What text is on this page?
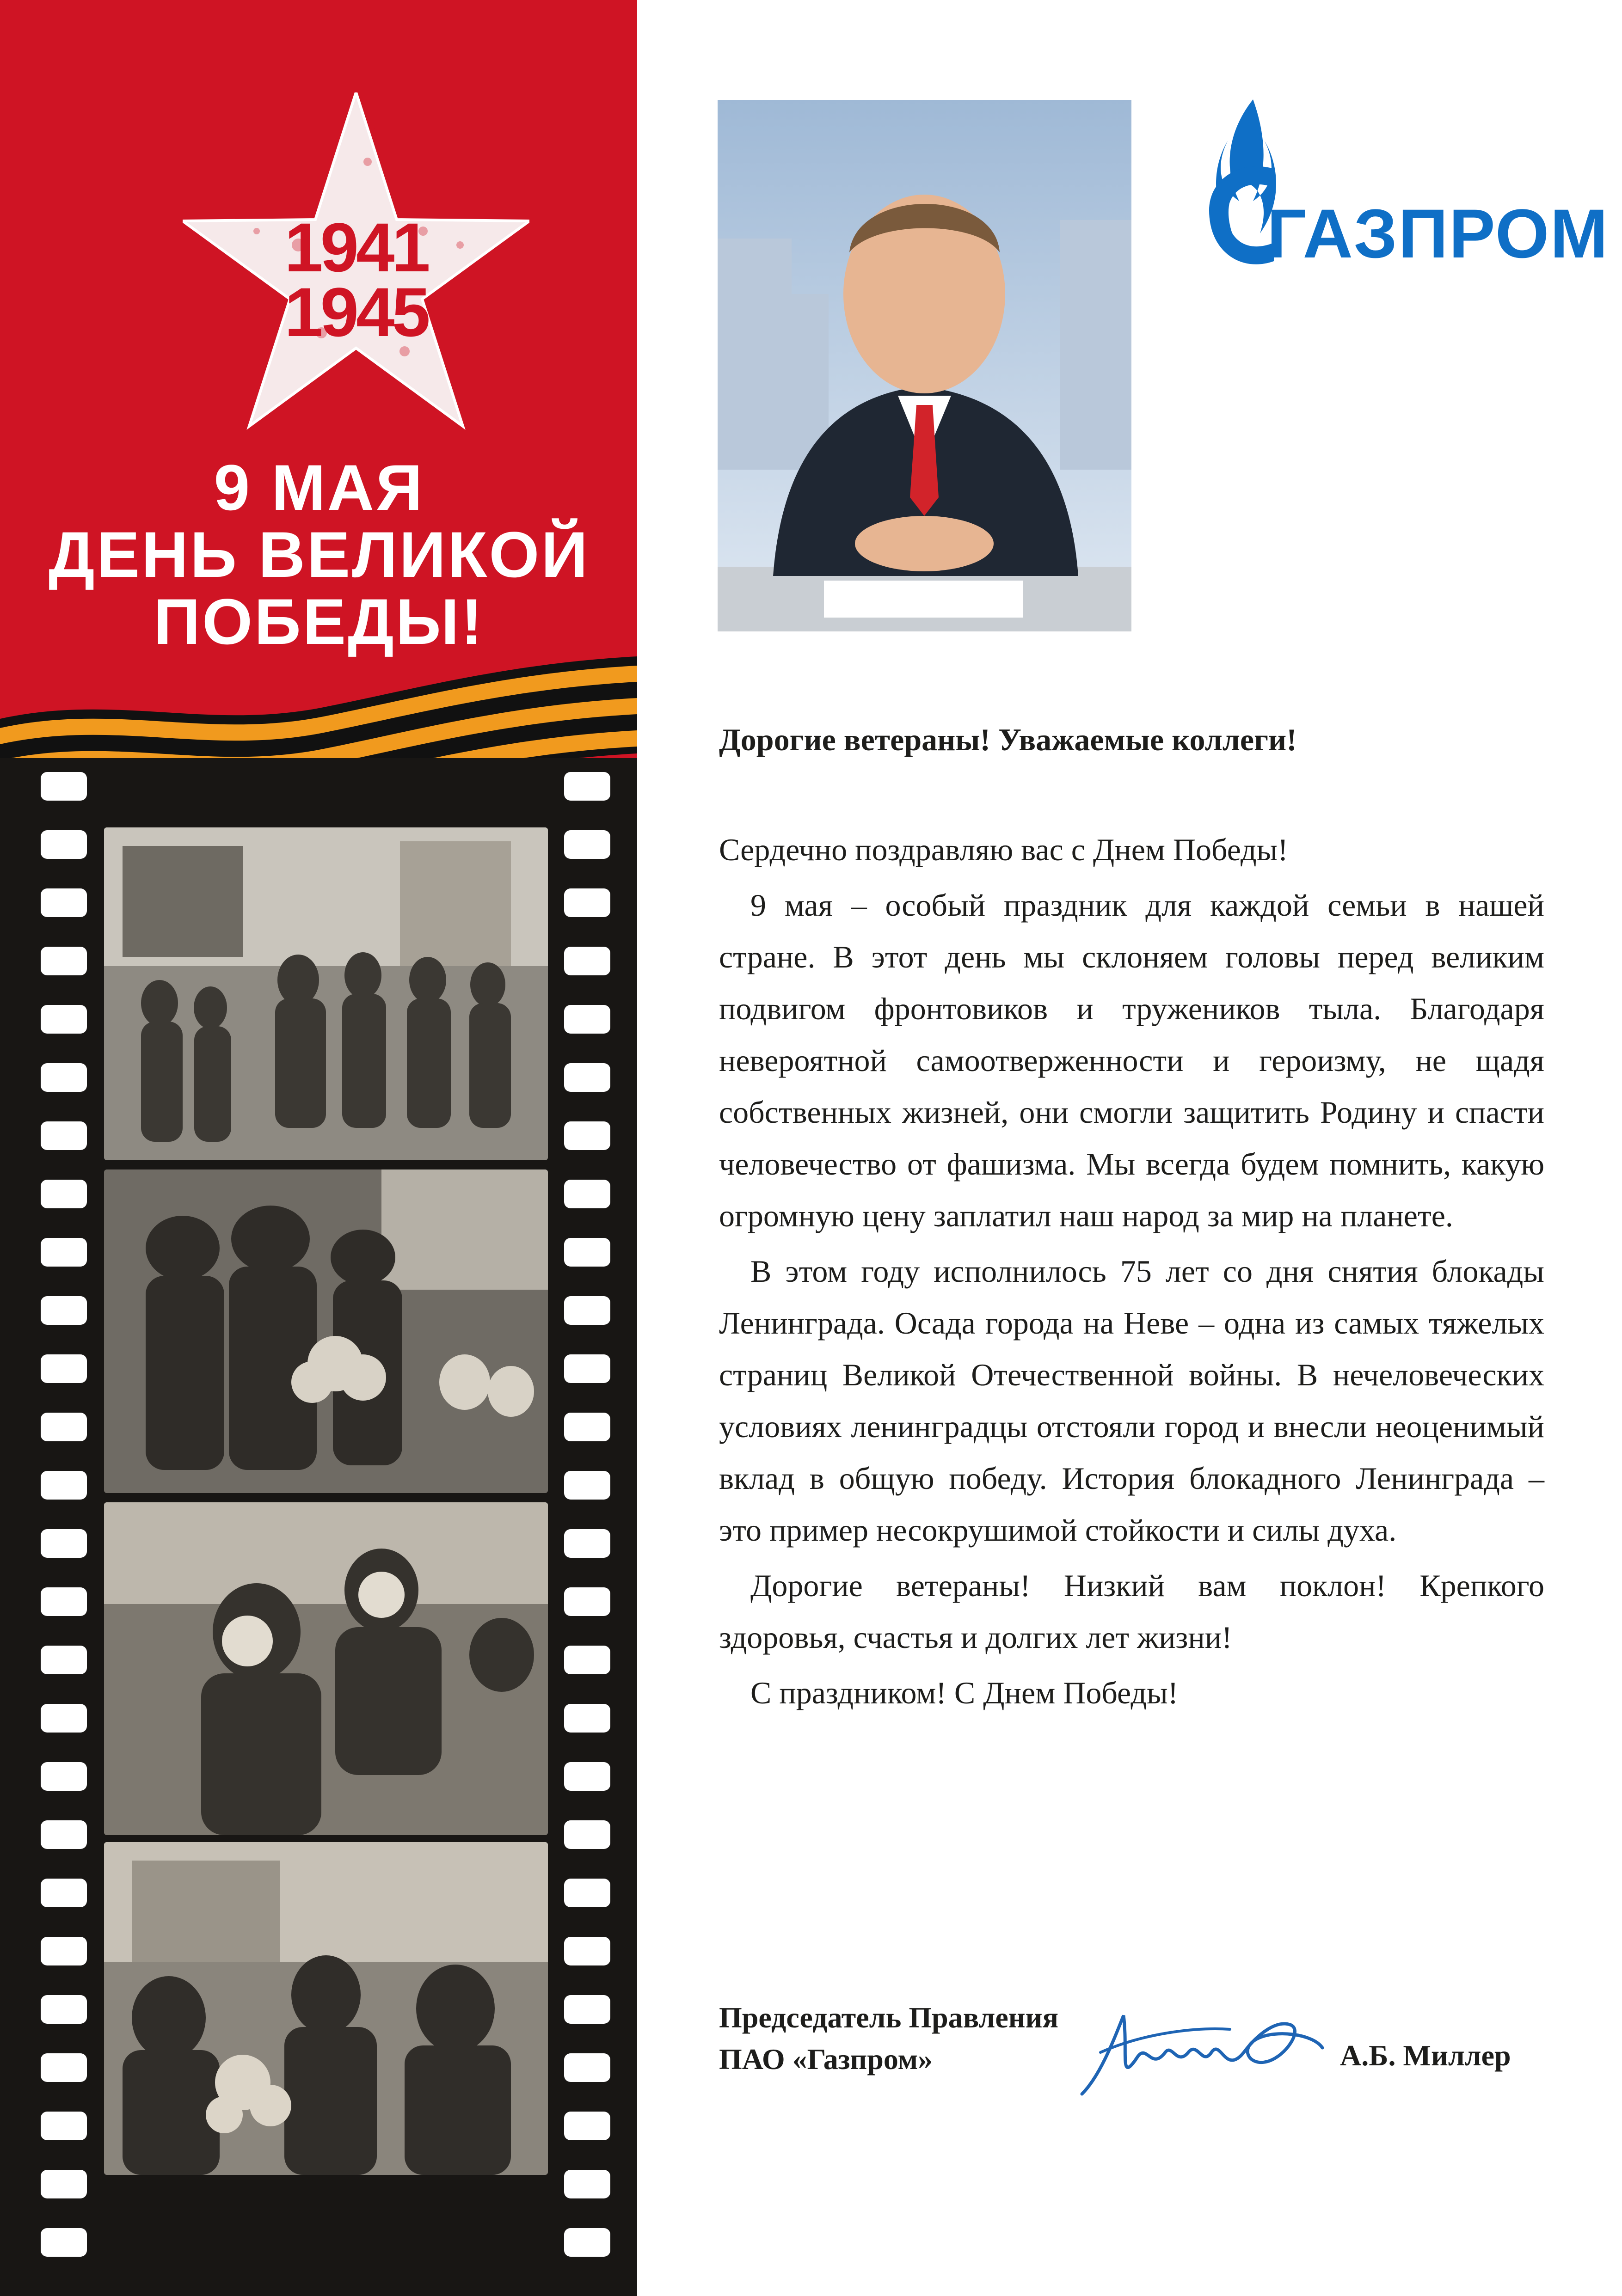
1941
1945
9 МАЯ
ДЕНЬ ВЕЛИКОЙ
ПОБЕДЫ!
ГАЗПРОМ

Дорогие ветераны! Уважаемые коллеги!

Сердечно поздравляю вас с Днем Победы!

9 мая – особый праздник для каждой семьи в нашей стране. В этот день мы склоняем головы перед великим подвигом фронтовиков и тружеников тыла. Благодаря невероятной самоотверженности и героизму, не щадя собственных жизней, они смогли защитить Родину и спасти человечество от фашизма. Мы всегда будем помнить, какую огромную цену заплатил наш народ за мир на планете.

В этом году исполнилось 75 лет со дня снятия блокады Ленинграда. Осада города на Неве – одна из самых тяжелых страниц Великой Отечественной войны. В нечеловеческих условиях ленинградцы отстояли город и внесли неоценимый вклад в общую победу. История блокадного Ленинграда – это пример несокрушимой стойкости и силы духа.

Дорогие ветераны! Низкий вам поклон! Крепкого здоровья, счастья и долгих лет жизни!

С праздником! С Днем Победы!

Председатель Правления
ПАО «Газпром»	А.Б. Миллер
